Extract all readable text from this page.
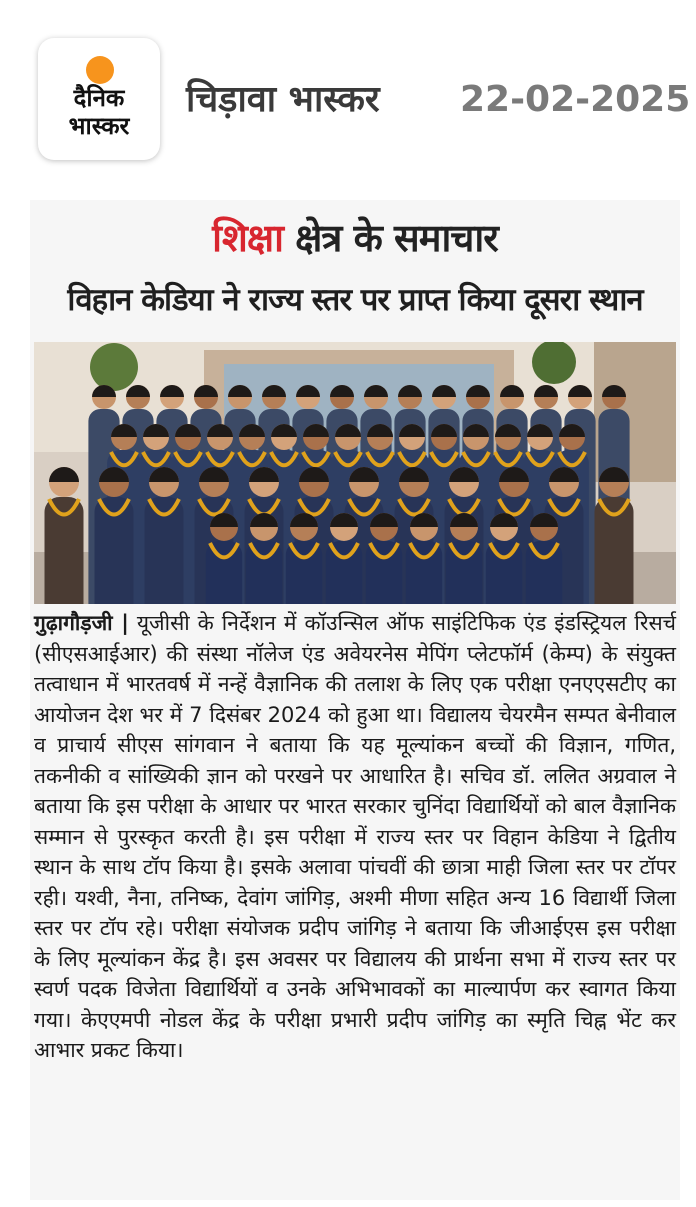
दैनिक
भास्कर
चिड़ावा भास्कर 22-02-2025
शिक्षा क्षेत्र के समाचार
विहान केडिया ने राज्य स्तर पर प्राप्त किया दूसरा स्थान
गुढ़ागौड़जी | यूजीसी के निर्देशन में कॉउन्सिल ऑफ साइंटिफिक एंड इंडस्ट्रियल रिसर्च (सीएसआईआर) की संस्था नॉलेज एंड अवेयरनेस मेपिंग प्लेटफॉर्म (केम्प) के संयुक्त तत्वाधान में भारतवर्ष में नन्हें वैज्ञानिक की तलाश के लिए एक परीक्षा एनएएसटीए का आयोजन देश भर में 7 दिसंबर 2024 को हुआ था। विद्यालय चेयरमैन सम्पत बेनीवाल व प्राचार्य सीएस सांगवान ने बताया कि यह मूल्यांकन बच्चों की विज्ञान, गणित, तकनीकी व सांख्यिकी ज्ञान को परखने पर आधारित है। सचिव डॉ. ललित अग्रवाल ने बताया कि इस परीक्षा के आधार पर भारत सरकार चुनिंदा विद्यार्थियों को बाल वैज्ञानिक सम्मान से पुरस्कृत करती है। इस परीक्षा में राज्य स्तर पर विहान केडिया ने द्वितीय स्थान के साथ टॉप किया है। इसके अलावा पांचवीं की छात्रा माही जिला स्तर पर टॉपर रही। यश्वी, नैना, तनिष्क, देवांग जांगिड़, अश्मी मीणा सहित अन्य 16 विद्यार्थी जिला स्तर पर टॉप रहे। परीक्षा संयोजक प्रदीप जांगिड़ ने बताया कि जीआईएस इस परीक्षा के लिए मूल्यांकन केंद्र है। इस अवसर पर विद्यालय की प्रार्थना सभा में राज्य स्तर पर स्वर्ण पदक विजेता विद्यार्थियों व उनके अभिभावकों का माल्यार्पण कर स्वागत किया गया। केएएमपी नोडल केंद्र के परीक्षा प्रभारी प्रदीप जांगिड़ का स्मृति चिह्न भेंट कर आभार प्रकट किया।
